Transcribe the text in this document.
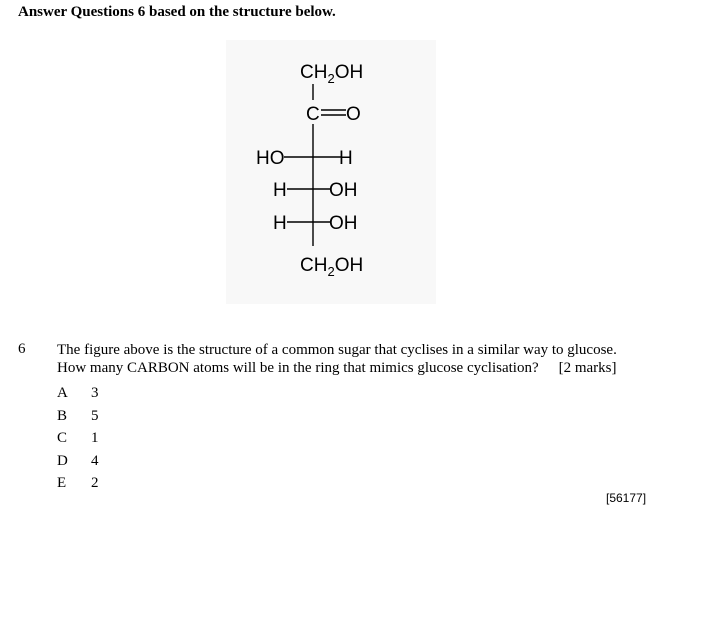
Answer Questions 6 based on the structure below.
$CH_2OH$
C O
HO	H
H OH
H OH
$CH_2OH$
6 The figure above is the structure of a common sugar that cyclises in a similar way to glucose.
How many CARBON atoms will be in the ring that mimics glucose cyclisation? [2 marks]
A	3
B	5
C	1
D	4
E	2
[56177]
